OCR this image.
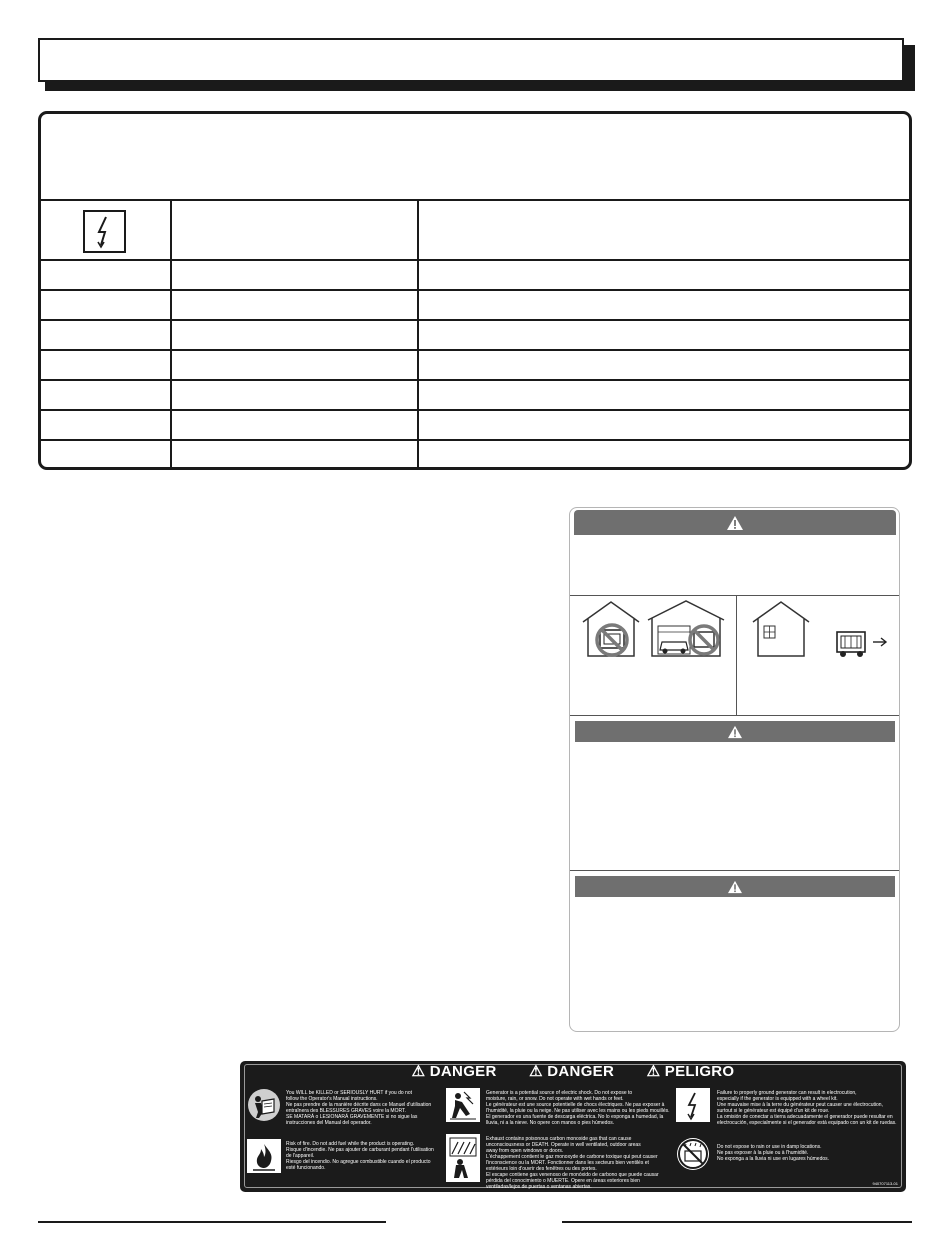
⚠ DANGER ⚠ DANGER ⚠ PELIGRO
You WILL be KILLED or SERIOUSLY HURT if you do not
follow the Operator's Manual instructions.
Ne pas prendre de la manière décrite dans ce Manuel d'utilisation
entraînera des BLESSURES GRAVES voire la MORT.
SE MATARÁ o LESIONARÁ GRAVEMENTE si no sigue las
instrucciones del Manual del operador.
Generator is a potential source of electric shock. Do not expose to
moisture, rain, or snow. Do not operate with wet hands or feet.
Le générateur est une source potentielle de chocs électriques. Ne pas exposer à
l'humidité, la pluie ou la neige. Ne pas utiliser avec les mains ou les pieds mouillés.
El generador es una fuente de descarga eléctrica. No lo exponga a humedad, la
lluvia, ni a la nieve. No opere con manos o pies húmedos.
Failure to properly ground generator can result in electrocution,
especially if the generator is equipped with a wheel kit.
Une mauvaise mise à la terre du générateur peut causer une électrocution,
surtout si le générateur est équipé d'un kit de roue.
La omisión de conectar a tierra adecuadamente el generador puede resultar en
electrocución, especialmente si el generador está equipado con un kit de ruedas.
Risk of fire. Do not add fuel while the product is operating.
Risque d'incendie. Ne pas ajouter de carburant pendant l'utilisation
de l'appareil.
Riesgo del incendio. No agregue combustible cuando el producto
esté funcionando.
Exhaust contains poisonous carbon monoxide gas that can cause
unconsciousness or DEATH. Operate in well ventilated, outdoor areas
away from open windows or doors.
L'échappement contient le gaz monoxyde de carbone toxique qui peut causer
l'inconscience ou la MORT. Fonctionner dans les secteurs bien ventilés et
extérieurs loin d'ouvrir des fenêtres ou des portes.
El escape contiene gas venenoso de monóxido de carbono que puede causar
pérdida del conocimiento o MUERTE. Opere en áreas exteriores bien
ventiladas/lejos de puertas o ventanas abiertas.
Do not expose to rain or use in damp locations.
Ne pas exposer à la pluie ou à l'humidité.
No exponga a la lluvia ni use en lugares húmedos.
940707113-01
